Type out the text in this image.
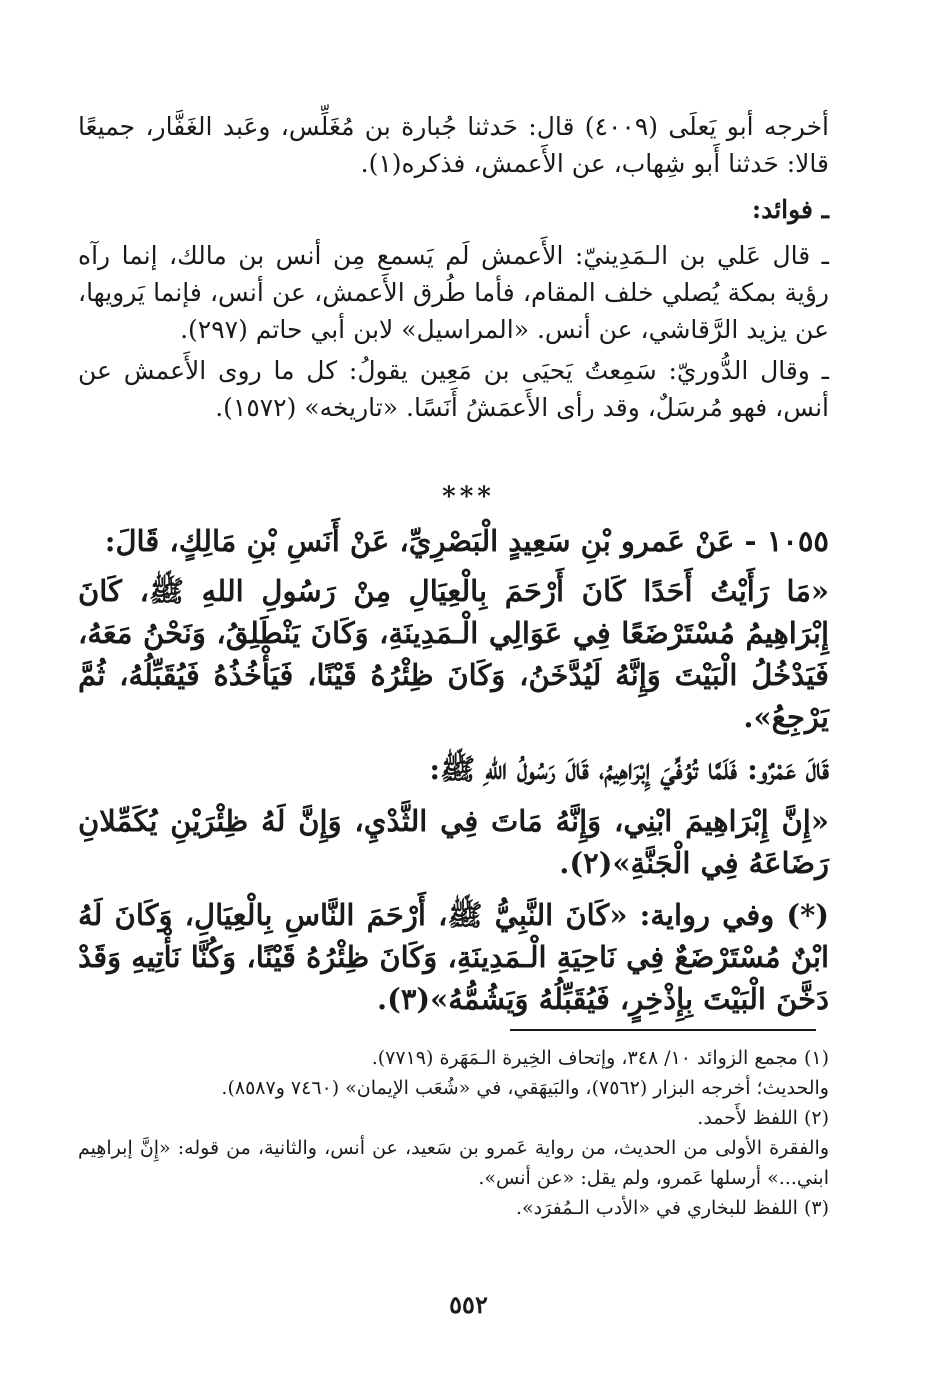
أخرجه أبو يَعلَى (٤٠٠٩) قال: حَدثنا جُبارة بن مُغَلِّس، وعَبد الغَفَّار، جميعًا قالا: حَدثنا أَبو شِهاب، عن الأَعمش، فذكره(١).

ـ فوائد:

ـ قال عَلي بن الـمَدِينيّ: الأَعمش لَم يَسمع مِن أنس بن مالك، إنما رآه رؤية بمكة يُصلي خلف المقام، فأما طُرق الأَعمش، عن أنس، فإنما يَرويها، عن يزيد الرَّقاشي، عن أنس. «المراسيل» لابن أبي حاتم (٢٩٧).

ـ وقال الدُّوريّ: سَمِعتُ يَحيَى بن مَعِين يقولُ: كل ما روى الأَعمش عن أنس، فهو مُرسَلٌ، وقد رأى الأَعمَشُ أَنَسًا. «تاريخه» (١٥٧٢).

***

١٠٥٥ - عَنْ عَمرو بْنِ سَعِيدٍ الْبَصْرِيِّ، عَنْ أَنَسِ بْنِ مَالِكٍ، قَالَ:

«مَا رَأَيْتُ أَحَدًا كَانَ أَرْحَمَ بِالْعِيَالِ مِنْ رَسُولِ اللهِ ﷺ، كَانَ إِبْرَاهِيمُ مُسْتَرْضَعًا فِي عَوَالِي الْـمَدِينَةِ، وَكَانَ يَنْطَلِقُ، وَنَحْنُ مَعَهُ، فَيَدْخُلُ الْبَيْتَ وَإِنَّهُ لَيُدَّخَنُ، وَكَانَ ظِئْرُهُ قَيْنًا، فَيَأْخُذُهُ فَيُقَبِّلُهُ، ثُمَّ يَرْجِعُ».

قَالَ عَمْرٌو: فَلَمَّا تُوُفِّيَ إِبْرَاهِيمُ، قَالَ رَسُولُ اللهِ ﷺ:

«إِنَّ إِبْرَاهِيمَ ابْنِي، وَإِنَّهُ مَاتَ فِي الثَّدْيِ، وَإِنَّ لَهُ ظِئْرَيْنِ يُكَمِّلانِ رَضَاعَهُ فِي الْجَنَّةِ»(٢).

(*) وفي رواية: «كَانَ النَّبِيُّ ﷺ، أَرْحَمَ النَّاسِ بِالْعِيَالِ، وَكَانَ لَهُ ابْنٌ مُسْتَرْضَعٌ فِي نَاحِيَةِ الْـمَدِينَةِ، وَكَانَ ظِئْرُهُ قَيْنًا، وَكُنَّا نَأْتِيهِ وَقَدْ دَخَّنَ الْبَيْتَ بِإِذْخِرٍ، فَيُقَبِّلُهُ وَيَشُمُّهُ»(٣).

(١) مجمع الزوائد ١٠/ ٣٤٨، وإتحاف الخِيرة الـمَهَرة (٧٧١٩).

والحديث؛ أخرجه البزار (٧٥٦٢)، والبَيهَقي، في «شُعَب الإيمان» (٧٤٦٠ و٨٥٨٧).

(٢) اللفظ لأَحمد.

والفقرة الأولى من الحديث، من رواية عَمرو بن سَعيد، عن أنس، والثانية، من قوله: «إِنَّ إبراهِيم ابني...» أرسلها عَمرو، ولم يقل: «عن أنس».

(٣) اللفظ للبخاري في «الأدب الـمُفرَد».

٥٥٢
